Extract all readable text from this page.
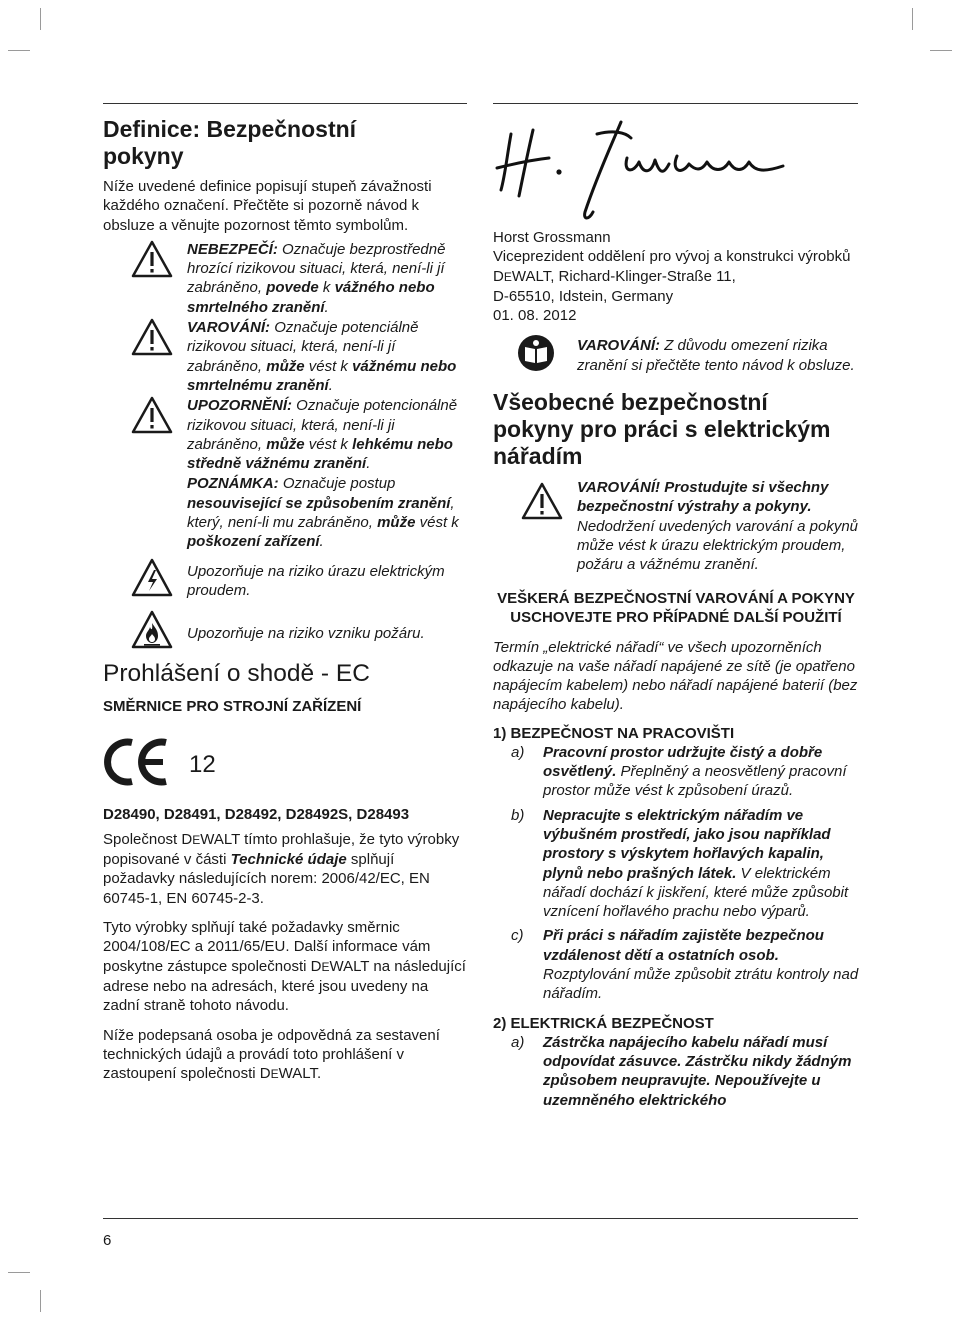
6
Definice: Bezpečnostní pokyny

Níže uvedené definice popisují stupeň závažnosti každého označení. Přečtěte si pozorně návod k obsluze a věnujte pozornost těmto symbolům.

NEBEZPEČÍ: Označuje bezprostředně hrozící rizikovou situaci, která, není-li jí zabráněno, povede k vážného nebo smrtelného zranění.
VAROVÁNÍ: Označuje potenciálně rizikovou situaci, která, není-li jí zabráněno, může vést k vážnému nebo smrtelnému zranění.
UPOZORNĚNÍ: Označuje potencionálně rizikovou situaci, která, není-li ji zabráněno, může vést k lehkému nebo středně vážnému zranění.
POZNÁMKA: Označuje postup nesouvisející se způsobením zranění, který, není-li mu zabráněno, může vést k poškození zařízení.
Upozorňuje na riziko úrazu elektrickým proudem.
Upozorňuje na riziko vzniku požáru.
Prohlášení o shodě - EC
SMĚRNICE PRO STROJNÍ ZAŘÍZENÍ
12

D28490, D28491, D28492, D28492S, D28493

Společnost DEWALT tímto prohlašuje, že tyto výrobky popisované v části Technické údaje splňují požadavky následujících norem: 2006/42/EC, EN 60745-1, EN 60745-2-3.

Tyto výrobky splňují také požadavky směrnic 2004/108/EC a 2011/65/EU. Další informace vám poskytne zástupce společnosti DEWALT na následující adrese nebo na adresách, které jsou uvedeny na zadní straně tohoto návodu.

Níže podepsaná osoba je odpovědná za sestavení technických údajů a provádí toto prohlášení v zastoupení společnosti DEWALT.

Horst Grossmann

Viceprezident oddělení pro vývoj a konstrukci výrobků

DEWALT, Richard-Klinger-Straße 11,

D-65510, Idstein, Germany

01. 08. 2012

VAROVÁNÍ: Z důvodu omezení rizika zranění si přečtěte tento návod k obsluze.
Všeobecné bezpečnostní pokyny pro práci s elektrickým nářadím
VAROVÁNÍ! Prostudujte si všechny bezpečnostní výstrahy a pokyny. Nedodržení uvedených varování a pokynů může vést k úrazu elektrickým proudem, požáru a vážnému zranění.
VEŠKERÁ BEZPEČNOSTNÍ VAROVÁNÍ A POKYNY USCHOVEJTE PRO PŘÍPADNÉ DALŠÍ POUŽITÍ

Termín „elektrické nářadí“ ve všech upozorněních odkazuje na vaše nářadí napájené ze sítě (je opatřeno napájecím kabelem) nebo nářadí napájené baterií (bez napájecího kabelu).

1) BEZPEČNOST NA PRACOVIŠTI
a) Pracovní prostor udržujte čistý a dobře osvětlený. Přeplněný a neosvětlený pracovní prostor může vést k způsobení úrazů.
b) Nepracujte s elektrickým nářadím ve výbušném prostředí, jako jsou například prostory s výskytem hořlavých kapalin, plynů nebo prašných látek. V elektrickém nářadí dochází k jiskření, které může způsobit vznícení hořlavého prachu nebo výparů.
c) Při práci s nářadím zajistěte bezpečnou vzdálenost dětí a ostatních osob. Rozptylování může způsobit ztrátu kontroly nad nářadím.
2) ELEKTRICKÁ BEZPEČNOST
a) Zástrčka napájecího kabelu nářadí musí odpovídat zásuvce. Zástrčku nikdy žádným způsobem neupravujte. Nepoužívejte u uzemněného elektrického
